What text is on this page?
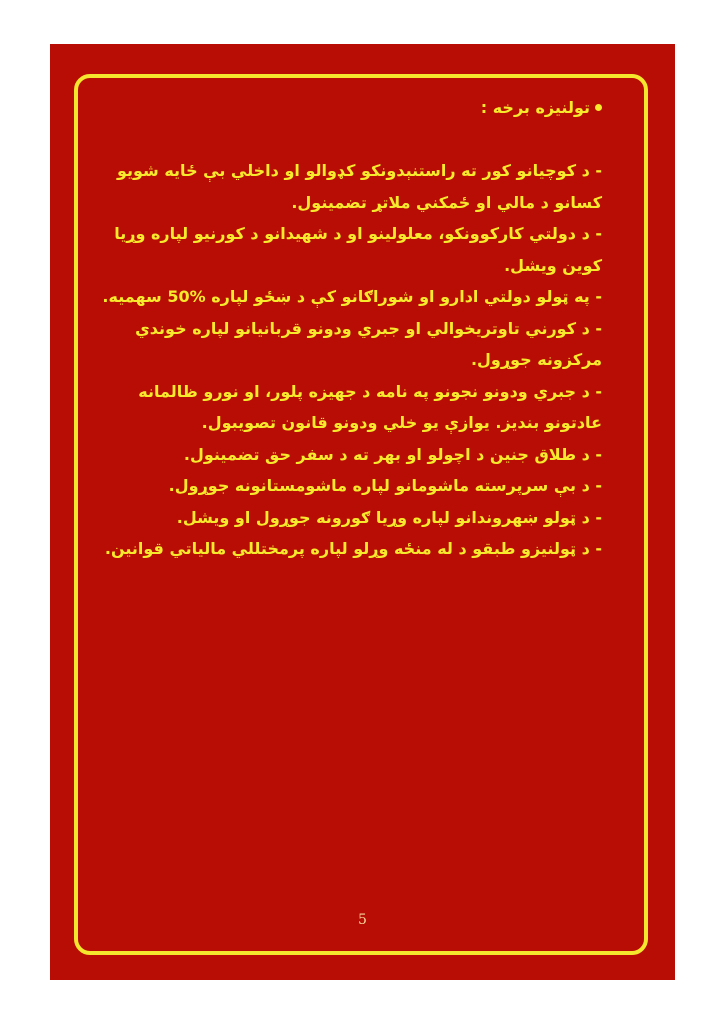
تولنيزه برخه :

- د کوچيانو کور ته راستنېدونکو کډوالو او داخلي بې ځايه شويو کسانو د مالي او ځمکني ملاتړ تضمينول.

- د دولتي کارکوونکو، معلولينو او د شهيدانو د کورنيو لپاره وړيا کوين ويشل.

- په ټولو دولتي ادارو او شوراګانو کې د ښځو لپاره %50 سهميه.

- د کورني تاوتريخوالي او جبري ودونو قربانيانو لپاره خوندي مرکزونه جوړول.

- د جبري ودونو نجونو په نامه د جهيزه پلور، او نورو ظالمانه عادتونو بنديز. يوازې يو خلي ودونو قانون تصويبول.

- د طلاق جنين د اچولو او بهر ته د سفر حق تضمينول.

- د بې سرپرسته ماشومانو لپاره ماشومستانونه جوړول.

- د ټولو ښهروندانو لپاره وړيا ګورونه جوړول او ويشل.

- د ټولنيزو طبقو د له منځه وړلو لپاره پرمختللي مالياتي قوانين.

5
